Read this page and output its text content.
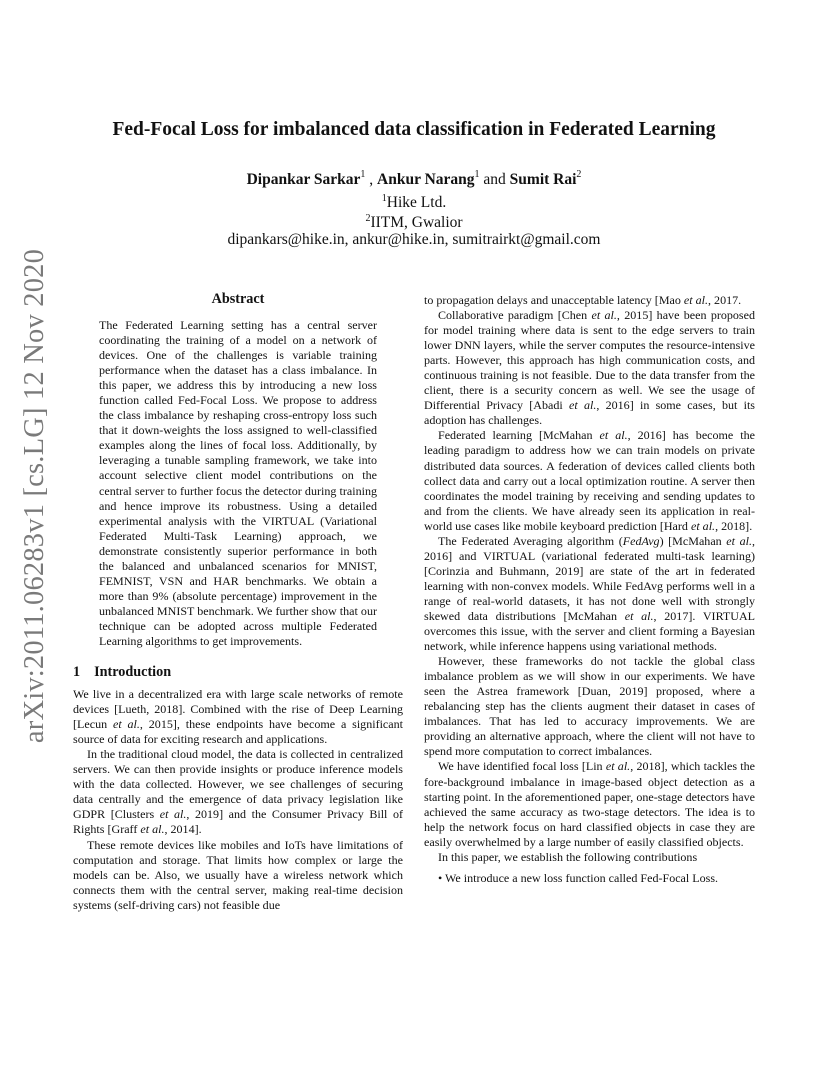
arXiv:2011.06283v1 [cs.LG] 12 Nov 2020
Fed-Focal Loss for imbalanced data classification in Federated Learning
Dipankar Sarkar$^1$ , Ankur Narang$^1$ and Sumit Rai$^2$
$^1$Hike Ltd.
$^2$IITM, Gwalior
dipankars@hike.in, ankur@hike.in, sumitrairkt@gmail.com

Abstract

The Federated Learning setting has a central server coordinating the training of a model on a network of devices. One of the challenges is variable training performance when the dataset has a class imbalance. In this paper, we address this by introducing a new loss function called Fed-Focal Loss. We propose to address the class imbalance by reshaping cross-entropy loss such that it down-weights the loss assigned to well-classified examples along the lines of focal loss. Additionally, by leveraging a tunable sampling framework, we take into account selective client model contributions on the central server to further focus the detector during training and hence improve its robustness. Using a detailed experimental analysis with the VIRTUAL (Variational Federated Multi-Task Learning) approach, we demonstrate consistently superior performance in both the balanced and unbalanced scenarios for MNIST, FEMNIST, VSN and HAR benchmarks. We obtain a more than 9% (absolute percentage) improvement in the unbalanced MNIST benchmark. We further show that our technique can be adopted across multiple Federated Learning algorithms to get improvements.

1 Introduction

We live in a decentralized era with large scale networks of remote devices [Lueth, 2018]. Combined with the rise of Deep Learning [Lecun et al., 2015], these endpoints have become a significant source of data for exciting research and applications.

In the traditional cloud model, the data is collected in centralized servers. We can then provide insights or produce inference models with the data collected. However, we see challenges of securing data centrally and the emergence of data privacy legislation like GDPR [Clusters et al., 2019] and the Consumer Privacy Bill of Rights [Graff et al., 2014].

These remote devices like mobiles and IoTs have limitations of computation and storage. That limits how complex or large the models can be. Also, we usually have a wireless network which connects them with the central server, making real-time decision systems (self-driving cars) not feasible due

to propagation delays and unacceptable latency [Mao et al., 2017.

Collaborative paradigm [Chen et al., 2015] have been proposed for model training where data is sent to the edge servers to train lower DNN layers, while the server computes the resource-intensive parts. However, this approach has high communication costs, and continuous training is not feasible. Due to the data transfer from the client, there is a security concern as well. We see the usage of Differential Privacy [Abadi et al., 2016] in some cases, but its adoption has challenges.

Federated learning [McMahan et al., 2016] has become the leading paradigm to address how we can train models on private distributed data sources. A federation of devices called clients both collect data and carry out a local optimization routine. A server then coordinates the model training by receiving and sending updates to and from the clients. We have already seen its application in real-world use cases like mobile keyboard prediction [Hard et al., 2018].

The Federated Averaging algorithm (FedAvg) [McMahan et al., 2016] and VIRTUAL (variational federated multi-task learning) [Corinzia and Buhmann, 2019] are state of the art in federated learning with non-convex models. While FedAvg performs well in a range of real-world datasets, it has not done well with strongly skewed data distributions [McMahan et al., 2017]. VIRTUAL overcomes this issue, with the server and client forming a Bayesian network, while inference happens using variational methods.

However, these frameworks do not tackle the global class imbalance problem as we will show in our experiments. We have seen the Astrea framework [Duan, 2019] proposed, where a rebalancing step has the clients augment their dataset in cases of imbalances. That has led to accuracy improvements. We are providing an alternative approach, where the client will not have to spend more computation to correct imbalances.

We have identified focal loss [Lin et al., 2018], which tackles the fore-background imbalance in image-based object detection as a starting point. In the aforementioned paper, one-stage detectors have achieved the same accuracy as two-stage detectors. The idea is to help the network focus on hard classified objects in case they are easily overwhelmed by a large number of easily classified objects.

In this paper, we establish the following contributions

• We introduce a new loss function called Fed-Focal Loss.
